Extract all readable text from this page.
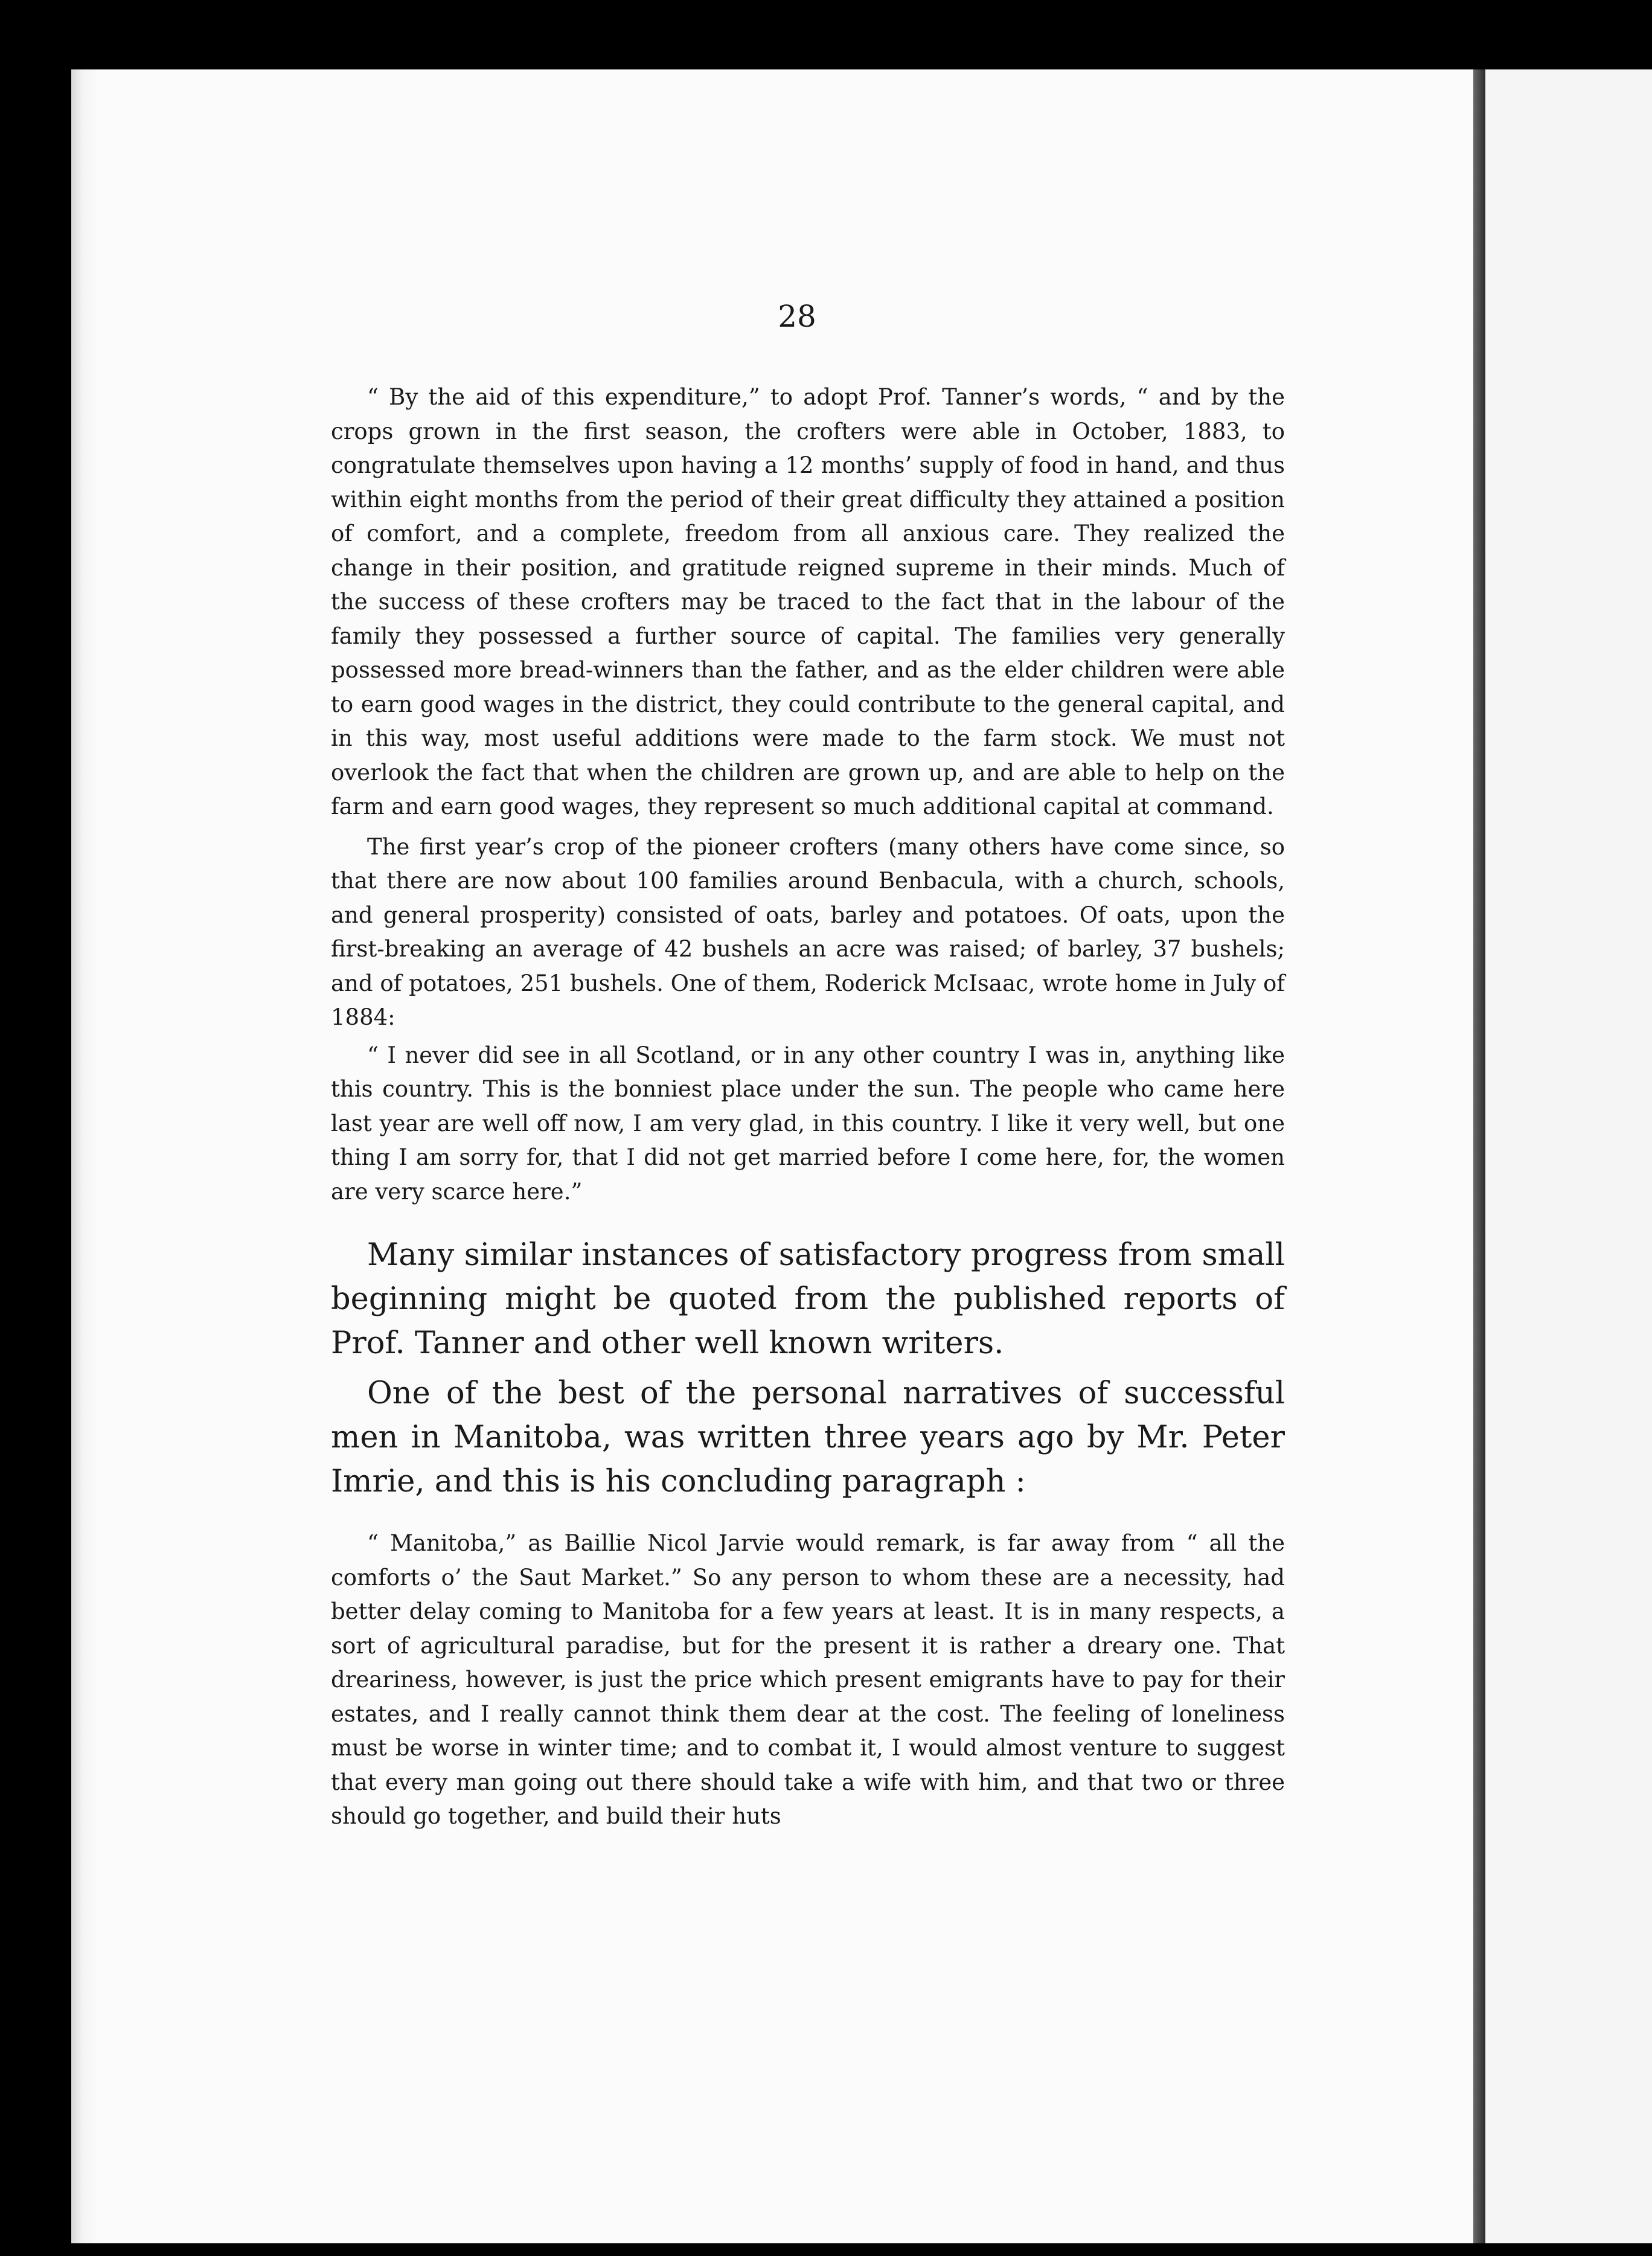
28

“ By the aid of this expenditure,” to adopt Prof. Tanner’s words, “ and by the crops grown in the first season, the crofters were able in October, 1883, to congratulate themselves upon having a 12 months’ supply of food in hand, and thus within eight months from the period of their great difficulty they attained a position of comfort, and a complete, freedom from all anxious care. They realized the change in their position, and gratitude reigned supreme in their minds. Much of the success of these crofters may be traced to the fact that in the labour of the family they possessed a further source of capital. The families very generally possessed more bread-winners than the father, and as the elder children were able to earn good wages in the district, they could contribute to the general capital, and in this way, most useful additions were made to the farm stock. We must not overlook the fact that when the children are grown up, and are able to help on the farm and earn good wages, they represent so much additional capital at command.

The first year’s crop of the pioneer crofters (many others have come since, so that there are now about 100 families around Benbacula, with a church, schools, and general prosperity) consisted of oats, barley and potatoes. Of oats, upon the first-breaking an average of 42 bushels an acre was raised; of barley, 37 bushels; and of potatoes, 251 bushels. One of them, Roderick McIsaac, wrote home in July of 1884:

“ I never did see in all Scotland, or in any other country I was in, anything like this country. This is the bonniest place under the sun. The people who came here last year are well off now, I am very glad, in this country. I like it very well, but one thing I am sorry for, that I did not get married before I come here, for, the women are very scarce here.”

Many similar instances of satisfactory progress from small beginning might be quoted from the published reports of Prof. Tanner and other well known writers.

One of the best of the personal narratives of successful men in Manitoba, was written three years ago by Mr. Peter Imrie, and this is his concluding paragraph :

“ Manitoba,” as Baillie Nicol Jarvie would remark, is far away from “ all the comforts o’ the Saut Market.” So any person to whom these are a necessity, had better delay coming to Manitoba for a few years at least. It is in many respects, a sort of agricultural paradise, but for the present it is rather a dreary one. That dreariness, however, is just the price which present emigrants have to pay for their estates, and I really cannot think them dear at the cost. The feeling of loneliness must be worse in winter time; and to combat it, I would almost venture to suggest that every man going out there should take a wife with him, and that two or three should go together, and build their huts
